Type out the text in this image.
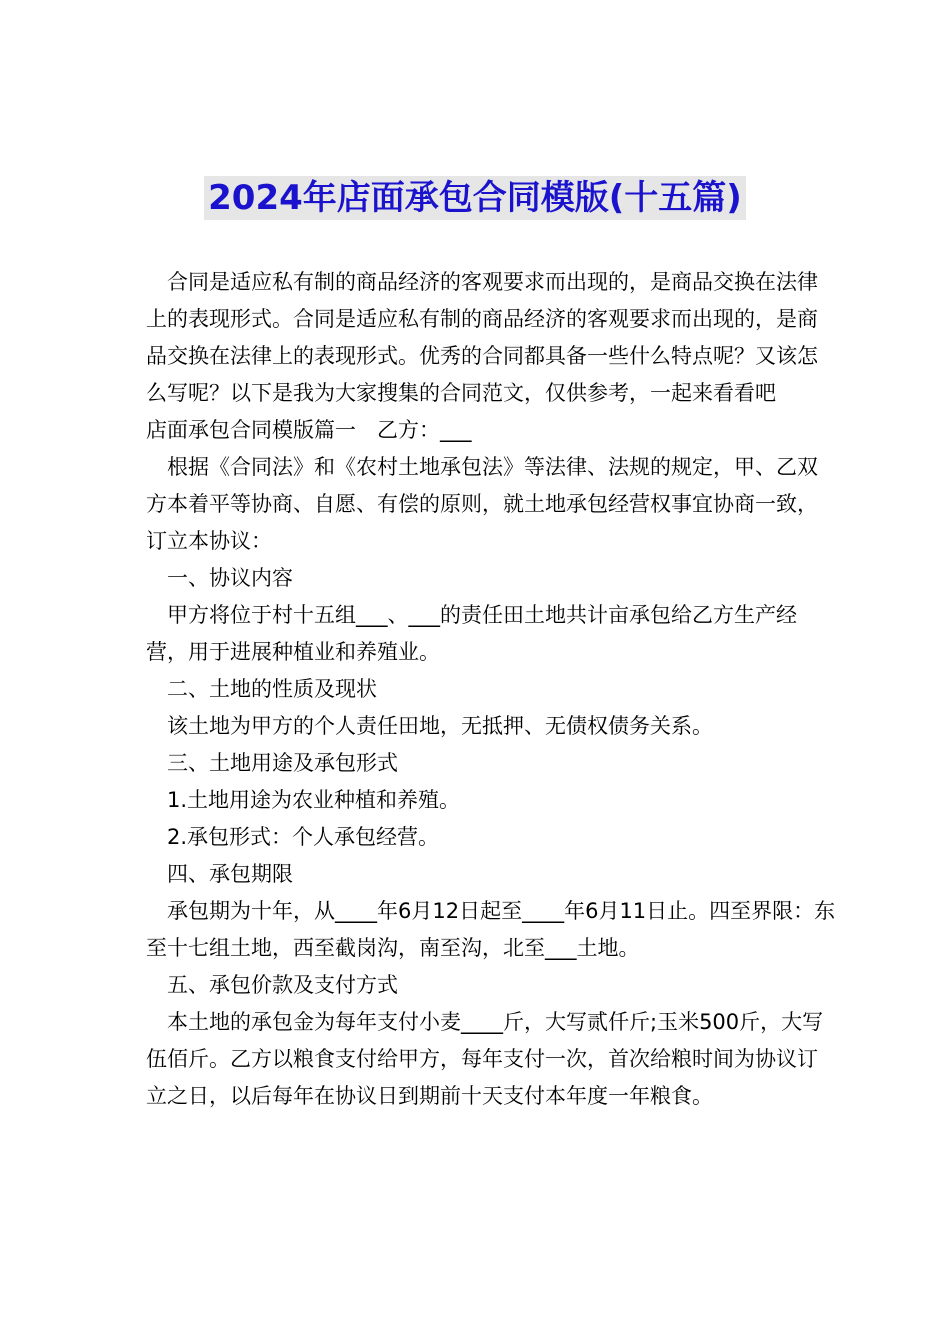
2024年店面承包合同模版(十五篇)

合同是适应私有制的商品经济的客观要求而出现的，是商品交换在法律上的表现形式。合同是适应私有制的商品经济的客观要求而出现的，是商品交换在法律上的表现形式。优秀的合同都具备一些什么特点呢？又该怎么写呢？以下是我为大家搜集的合同范文，仅供参考，一起来看看吧

店面承包合同模版篇一　乙方：___

根据《合同法》和《农村土地承包法》等法律、法规的规定，甲、乙双方本着平等协商、自愿、有偿的原则，就土地承包经营权事宜协商一致，订立本协议：

一、协议内容

甲方将位于村十五组___、___的责任田土地共计亩承包给乙方生产经营，用于进展种植业和养殖业。

二、土地的性质及现状

该土地为甲方的个人责任田地，无抵押、无债权债务关系。

三、土地用途及承包形式

1.土地用途为农业种植和养殖。

2.承包形式：个人承包经营。

四、承包期限

承包期为十年，从____年6月12日起至____年6月11日止。四至界限：东至十七组土地，西至截岗沟，南至沟，北至___土地。

五、承包价款及支付方式

本土地的承包金为每年支付小麦____斤，大写贰仟斤;玉米500斤，大写伍佰斤。乙方以粮食支付给甲方，每年支付一次，首次给粮时间为协议订立之日，以后每年在协议日到期前十天支付本年度一年粮食。
